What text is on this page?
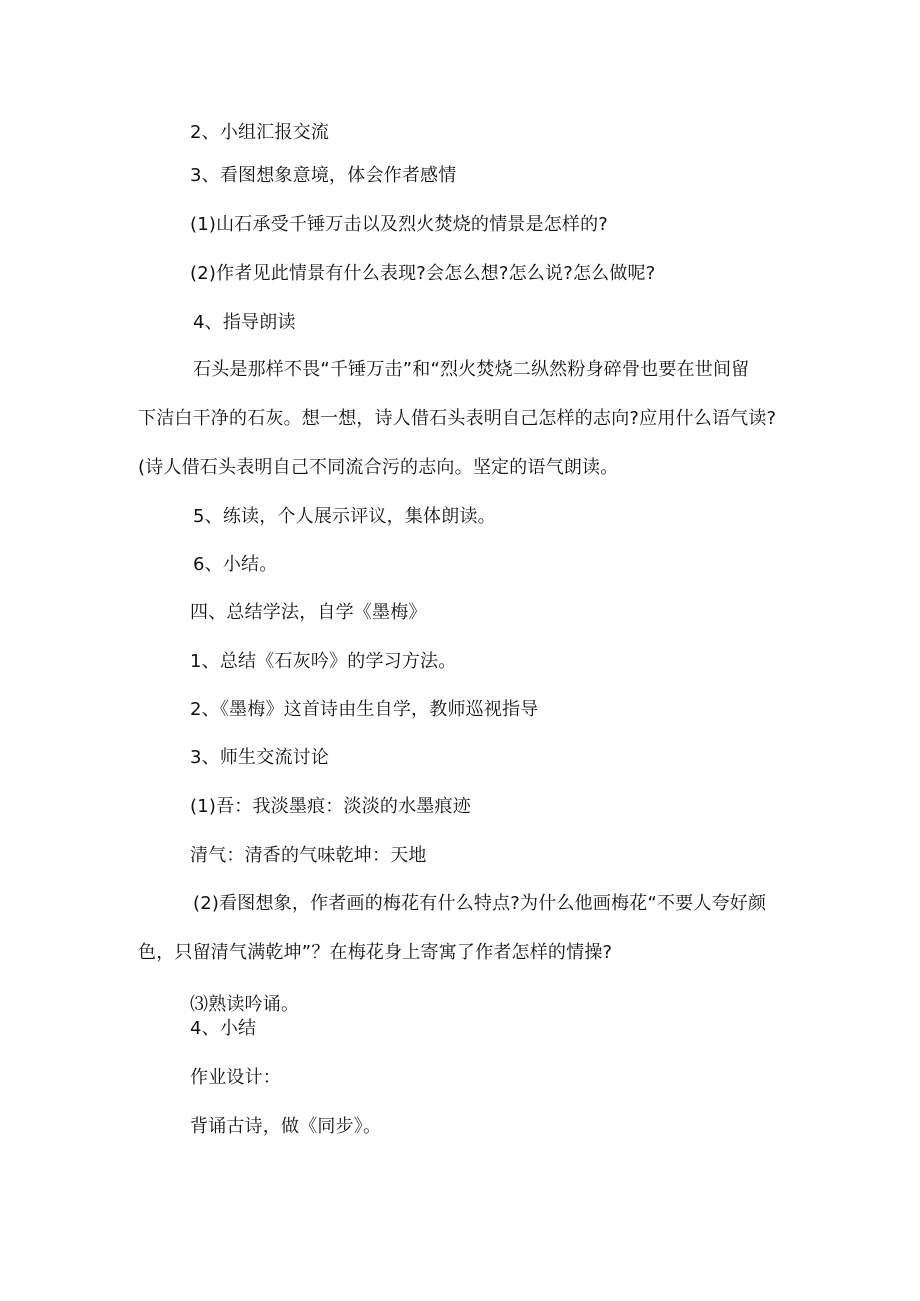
2、小组汇报交流
3、看图想象意境，体会作者感情
(1)山石承受千锤万击以及烈火焚烧的情景是怎样的?
(2)作者见此情景有什么表现?会怎么想?怎么说?怎么做呢?
4、指导朗读
石头是那样不畏“千锤万击”和“烈火焚烧二纵然粉身碎骨也要在世间留
下洁白干净的石灰。想一想，诗人借石头表明自己怎样的志向?应用什么语气读?
(诗人借石头表明自己不同流合污的志向。坚定的语气朗读。
5、练读，个人展示评议，集体朗读。
6、小结。
四、总结学法，自学《墨梅》
1、总结《石灰吟》的学习方法。
2、《墨梅》这首诗由生自学，教师巡视指导
3、师生交流讨论
(1)吾：我淡墨痕：淡淡的水墨痕迹
清气：清香的气味乾坤：天地
(2)看图想象，作者画的梅花有什么特点?为什么他画梅花“不要人夸好颜
色，只留清气满乾坤”？在梅花身上寄寓了作者怎样的情操?
⑶熟读吟诵。
4、小结
作业设计：
背诵古诗，做《同步》。
